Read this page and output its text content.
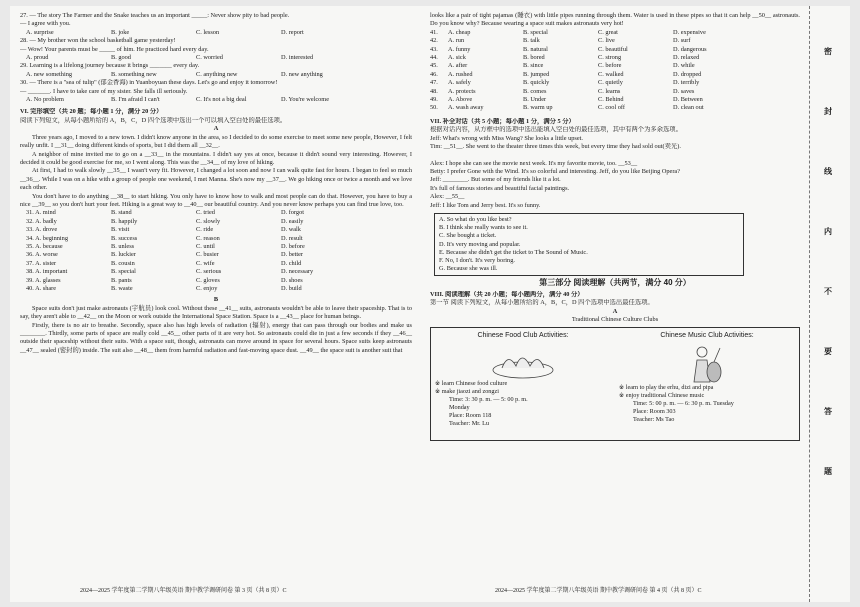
27. — The story The Farmer and the Snake teaches us an important _____: Never show pity to bad people.
— I agree with you.
A. surprise	B. joke	C. lesson	D. report
28. — My brother won the school basketball game yesterday!
— Wow! Your parents must be _____ of him. He practiced hard every day.
A. proud	B. good	C. worried	D. interested
29. Learning is a lifelong journey because it brings _______ every day.
A. new something	B. something new	C. anything new	D. new anything
30. — There is a "sea of tulip" (郁金香海) in Yuanboyuan these days. Let's go and enjoy it tomorrow!
— _______. I have to take care of my sister. She falls ill seriously.
A. No problem	B. I'm afraid I can't	C. It's not a big deal	D. You're welcome
VI. 完形填空（共 20 题；每小题 1 分，满分 20 分）
阅读下列短文，从每小题所给的 A，B，C，D 四个选项中选出一个可以填入空白处的最佳选项。
A
Three years ago, I moved to a new town. I didn't know anyone in the area, so I decided to do some exercise to meet some new people, However, I felt really unfit. I __31__ doing different kinds of sports, but I did them all __32__.
A neighbor of mine invited me to go on a __33__ in the mountains. I didn't say yes at once, because it didn't sound very interesting. However, I decided it could be good exercise for me, so I went along. This was the __34__ of my love of hiking.
At first, I had to walk slowly __35__ I wasn't very fit. However, I changed a lot soon and now I can walk quite fast for hours. I began to feel so much __36__. While I was on a hike with a group of people one weekend, I met Manna. She's now my __37__. We go hiking once or twice a month and we love each other.
You don't have to do anything __38__ to start hiking. You only have to know how to walk and most people can do that. However, you have to buy a nice __39__ so you don't hurt your feet. Hiking is a great way to __40__ our beautiful country. And you never know perhaps you can find true love, too.
31. A. mind	B. stand	C. tried	D. forgot
32. A. badly	B. happily	C. slowly	D. easily
33. A. drove	B. visit	C. ride	D. walk
34. A. beginning	B. success	C. reason	D. result
35. A. because	B. unless	C. until	D. before
36. A. worse	B. luckier	C. busier	D. better
37. A. sister	B. cousin	C. wife	D. child
38. A. important	B. special	C. serious	D. necessary
39. A. glasses	B. pants	C. gloves	D. shoes
40. A. share	B. waste	C. enjoy	D. build
B
Space suits don't just make astronauts (宇航员) look cool. Without these __41__ suits, astronauts wouldn't be able to leave their spaceship. That is to say, they aren't able to __42__ on the Moon or work outside the International Space Station. Space is a __43__ place for human beings.
Firstly, there is no air to breathe. Secondly, space also has high levels of radiation (辐射), energy that can pass through our bodies and make us ________. Thirdly, some parts of space are really cold __45__ other parts of it are very hot. So astronauts could die in just a few seconds if they __46__ outside their spaceship without their suits. With a space suit, though, astronauts can move around in space for several hours. Space suits keep astronauts __47__ sealed (密封的) inside. The suit also __48__ them from harmful radiation and fast-moving space dust. __49__ the space suit is another suit that
2024—2025 学年度第二学期八年级英语 期中教学调研问卷 第 3 页（共 8 页）C
looks like a pair of tight pajamas (睡衣) with little pipes running through them. Water is used in these pipes so that it can help __50__ astronauts. Do you know why? Because wearing a space suit makes astronauts very hot!
41.	A. cheap	B. special	C. great	D. expensive
42.	A. run	B. talk	C. live	D. surf
43.	A. funny	B. natural	C. beautiful	D. dangerous
44.	A. sick	B. bored	C. strong	D. relaxed
45.	A. after	B. since	C. before	D. while
46.	A. rushed	B. jumped	C. walked	D. dropped
47.	A. safely	B. quickly	C. quietly	D. terribly
48.	A. protects	B. comes	C. learns	D. saves
49.	A. Above	B. Under	C. Behind	D. Between
50.	A. wash away	B. warm up	C. cool off	D. clean out
VII. 补全对话（共 5 小题；每小题 1 分，满分 5 分）
根据对话内容，从方框中的选项中选出能填入空白处的最佳选项，其中有两个为多余选项。
Jeff: What's wrong with Miss Wang? She looks a little upset.
Tim: __51__. She went to the theater three times this week, but every time they had sold out(卖光).
Alex: I hope she can see the movie next week. It's my favorite movie, too. __53__
Betty: I prefer Gone with the Wind. It's so colorful and interesting. Jeff, do you like Beijing Opera?
Jeff: ________. But some of my friends like it a lot.
It's full of famous stories and beautiful facial paintings.
Alex: __55__
Jeff: I like Tom and Jerry best. It's so funny.
A. So what do you like best?
B. I think she really wants to see it.
C. She bought a ticket.
D. It's very moving and popular.
E. Because she didn't get the ticket to The Sound of Music.
F. No, I don't. It's very boring.
G. Because she was ill.
第三部分 阅读理解（共两节，满分 40 分）
VIII. 阅读理解（共 20 小题；每小题两分，满分 40 分）
第一节 阅读下列短文，从每小题所给的 A，B，C，D 四个选项中选出最佳选项。
A
Traditional Chinese Culture Clubs
Chinese Food Club Activities:
※ learn Chinese food culture
※ make jiaozi and zongzi
Time: 3: 30 p. m. — 5: 00 p. m.
Monday
Place: Room 118
Teacher: Mr. Lu
Chinese Music Club Activities:
※ learn to play the erhu, dizi and pipa
※ enjoy traditional Chinese music
Time: 5: 00 p. m. — 6: 30 p. m. Tuesday
Place: Room 303
Teacher: Ms Tao
2024—2025 学年度第二学期八年级英语 期中教学调研问卷 第 4 页（共 8 页）C
密
封
线
内
不
要
答
题
